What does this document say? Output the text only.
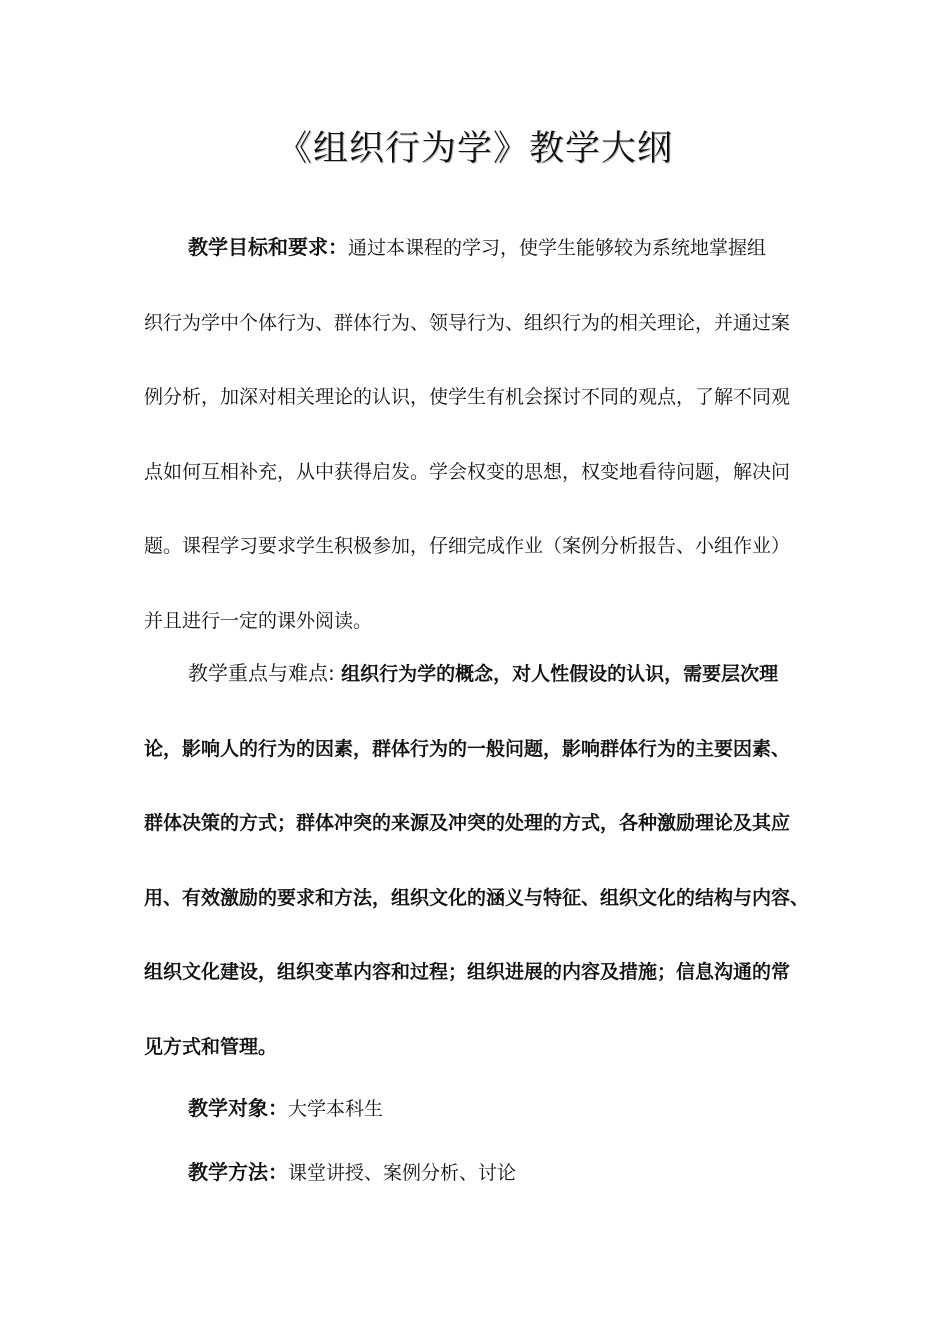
《组织行为学》教学大纲
教学目标和要求：通过本课程的学习，使学生能够较为系统地掌握组
织行为学中个体行为、群体行为、领导行为、组织行为的相关理论，并通过案
例分析，加深对相关理论的认识，使学生有机会探讨不同的观点，了解不同观
点如何互相补充，从中获得启发。学会权变的思想，权变地看待问题，解决问
题。课程学习要求学生积极参加，仔细完成作业（案例分析报告、小组作业）
并且进行一定的课外阅读。
教学重点与难点: 组织行为学的概念，对人性假设的认识，需要层次理
论，影响人的行为的因素，群体行为的一般问题，影响群体行为的主要因素、
群体决策的方式；群体冲突的来源及冲突的处理的方式，各种激励理论及其应
用、有效激励的要求和方法，组织文化的涵义与特征、组织文化的结构与内容、
组织文化建设，组织变革内容和过程；组织进展的内容及措施；信息沟通的常
见方式和管理。
教学对象：大学本科生
教学方法：课堂讲授、案例分析、讨论
